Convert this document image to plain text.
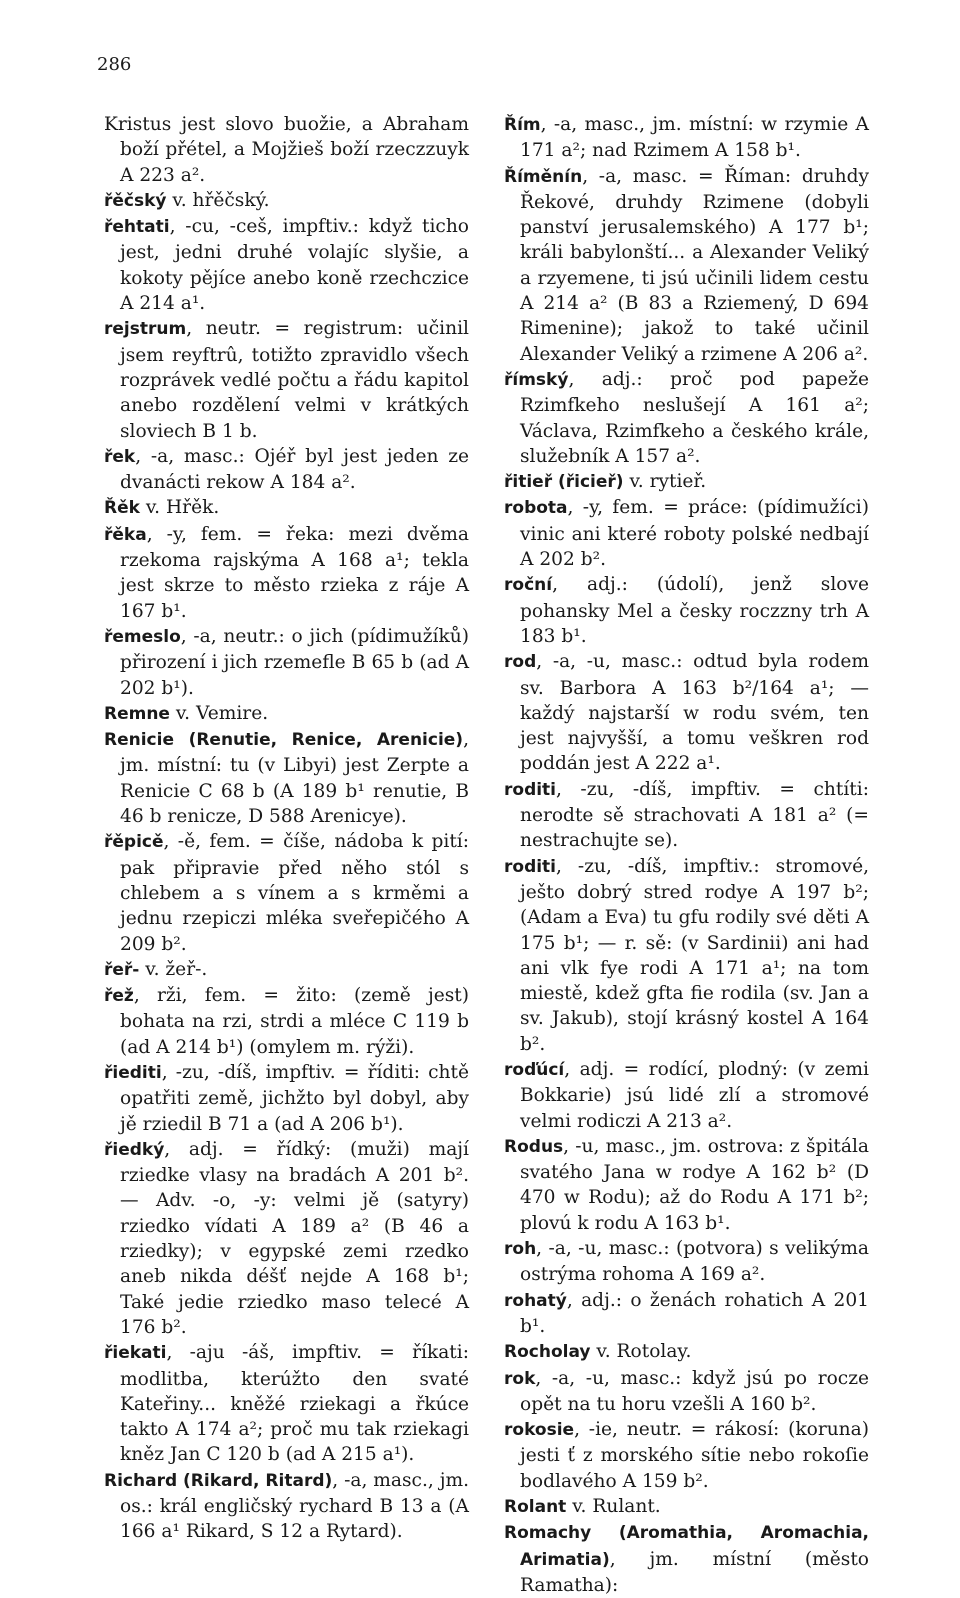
286

Kristus jest slovo buožie, a Abraham boží přétel, a Mojžieš boží rzeczzuyk A 223 a².

řěčský v. hřěčský.

řehtati, -cu, -ceš, impftiv.: když ticho jest, jedni druhé volajíc slyšie, a kokoty pějíce anebo koně rzechczice A 214 a¹.

rejstrum, neutr. = registrum: učinil jsem reyftrû, totižto zpravidlo všech rozprávek vedlé počtu a řádu kapitol anebo rozdělení velmi v krátkých sloviech B 1 b.

řek, -a, masc.: Ojéř byl jest jeden ze dvanácti rekow A 184 a².

Řěk v. Hřěk.

řěka, -y, fem. = řeka: mezi dvěma rzekoma rajskýma A 168 a¹; tekla jest skrze to město rzieka z ráje A 167 b¹.

řemeslo, -a, neutr.: o jich (pídimužíků) přirození i jich rzemefle B 65 b (ad A 202 b¹).

Remne v. Vemire.

Renicie (Renutie, Renice, Arenicie), jm. místní: tu (v Libyi) jest Zerpte a Renicie C 68 b (A 189 b¹ renutie, B 46 b renicze, D 588 Arenicye).

řěpicě, -ě, fem. = číše, nádoba k pití: pak připravie před něho stól s chlebem a s vínem a s krměmi a jednu rzepiczi mléka sveřepičého A 209 b².

řeř- v. žeř-.

řež, rži, fem. = žito: (země jest) bohata na rzi, strdi a mléce C 119 b (ad A 214 b¹) (omylem m. rýži).

řiediti, -zu, -díš, impftiv. = říditi: chtě opatřiti země, jichžto byl dobyl, aby jě rziedil B 71 a (ad A 206 b¹).

řiedký, adj. = řídký: (muži) mají rziedke vlasy na bradách A 201 b². — Adv. -o, -y: velmi jě (satyry) rziedko vídati A 189 a² (B 46 a rziedky); v egypské zemi rzedko aneb nikda déšť nejde A 168 b¹; Také jedie rziedko maso telecé A 176 b².

řiekati, -aju -áš, impftiv. = říkati: modlitba, kterúžto den svaté Kateřiny... kněžé rziekagi a řkúce takto A 174 a²; proč mu tak rziekagi kněz Jan C 120 b (ad A 215 a¹).

Richard (Rikard, Ritard), -a, masc., jm. os.: král engličský rychard B 13 a (A 166 a¹ Rikard, S 12 a Rytard).

Řím, -a, masc., jm. místní: w rzymie A 171 a²; nad Rzimem A 158 b¹.

Říměnín, -a, masc. = Říman: druhdy Řekové, druhdy Rzimene (dobyli panství jerusalemského) A 177 b¹; králi babylonští... a Alexander Veliký a rzyemene, ti jsú učinili lidem cestu A 214 a² (B 83 a Rziemený, D 694 Rimenine); jakož to také učinil Alexander Veliký a rzimene A 206 a².

římský, adj.: proč pod papeže Rzimfkeho neslušejí A 161 a²; Václava, Rzimfkeho a českého krále, služebník A 157 a².

řitieř (řicieř) v. rytieř.

robota, -y, fem. = práce: (pídimužíci) vinic ani které roboty polské nedbají A 202 b².

roční, adj.: (údolí), jenž slove pohansky Mel a česky roczzny trh A 183 b¹.

rod, -a, -u, masc.: odtud byla rodem sv. Barbora A 163 b²/164 a¹; — každý najstarší w rodu svém, ten jest najvyšší, a tomu veškren rod poddán jest A 222 a¹.

roditi, -zu, -díš, impftiv. = chtíti: nerodte sě strachovati A 181 a² (= nestrachujte se).

roditi, -zu, -díš, impftiv.: stromové, ješto dobrý stred rodye A 197 b²; (Adam a Eva) tu gfu rodily své děti A 175 b¹; — r. sě: (v Sardinii) ani had ani vlk fye rodi A 171 a¹; na tom miestě, kdež gfta fie rodila (sv. Jan a sv. Jakub), stojí krásný kostel A 164 b².

roďúcí, adj. = rodící, plodný: (v zemi Bokkarie) jsú lidé zlí a stromové velmi rodiczi A 213 a².

Rodus, -u, masc., jm. ostrova: z špitála svatého Jana w rodye A 162 b² (D 470 w Rodu); až do Rodu A 171 b²; plovú k rodu A 163 b¹.

roh, -a, -u, masc.: (potvora) s velikýma ostrýma rohoma A 169 a².

rohatý, adj.: o ženách rohatich A 201 b¹.

Rocholay v. Rotolay.

rok, -a, -u, masc.: když jsú po rocze opět na tu horu vzešli A 160 b².

rokosie, -ie, neutr. = rákosí: (koruna) jesti ť z morského sítie nebo rokoſie bodlavého A 159 b².

Rolant v. Rulant.

Romachy (Aromathia, Aromachia, Arimatia), jm. místní (město Ramatha):
